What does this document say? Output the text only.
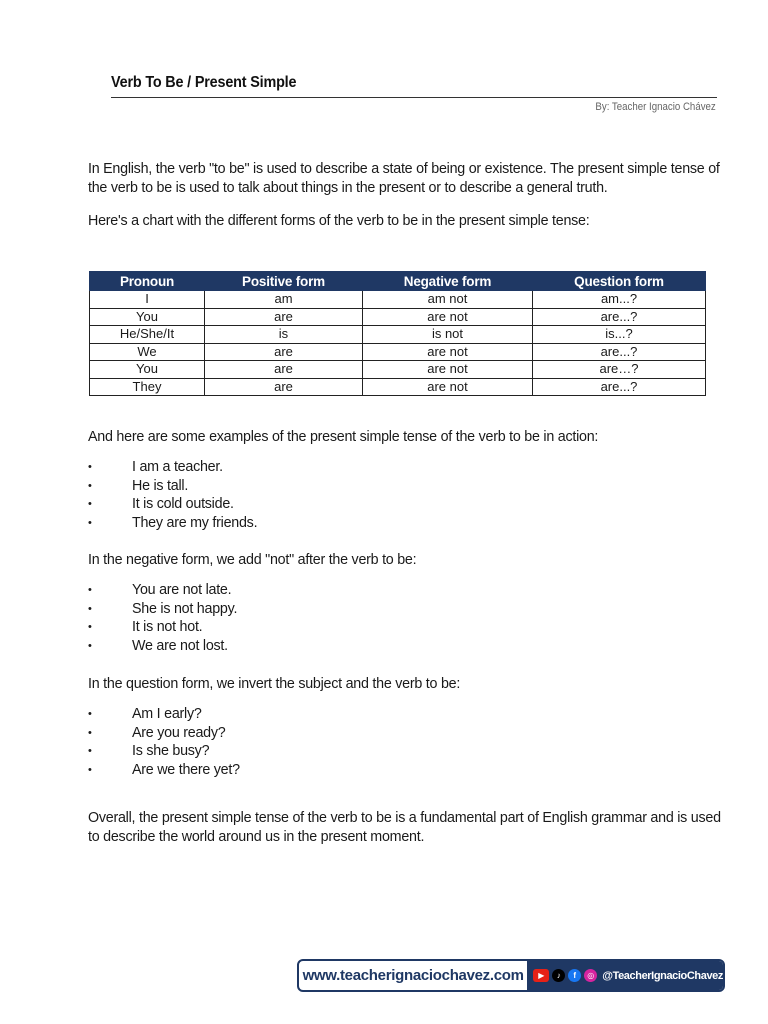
Verb To Be / Present Simple
By: Teacher Ignacio Chávez

In English, the verb "to be" is used to describe a state of being or existence. The present simple tense of the verb to be is used to talk about things in the present or to describe a general truth.

Here's a chart with the different forms of the verb to be in the present simple tense:

Pronoun	Positive form	Negative form	Question form
I	am	am not	am...?
You	are	are not	are...?
He/She/It	is	is not	is...?
We	are	are not	are...?
You	are	are not	are…?
They	are	are not	are...?

And here are some examples of the present simple tense of the verb to be in action:

•	I am a teacher.
•	He is tall.
•	It is cold outside.
•	They are my friends.

In the negative form, we add "not" after the verb to be:

•	You are not late.
•	She is not happy.
•	It is not hot.
•	We are not lost.

In the question form, we invert the subject and the verb to be:

•	Am I early?
•	Are you ready?
•	Is she busy?
•	Are we there yet?

Overall, the present simple tense of the verb to be is a fundamental part of English grammar and is used to describe the world around us in the present moment.

www.teacherignaciochavez.com	▶	♪	f	◎ @TeacherIgnacioChavez
